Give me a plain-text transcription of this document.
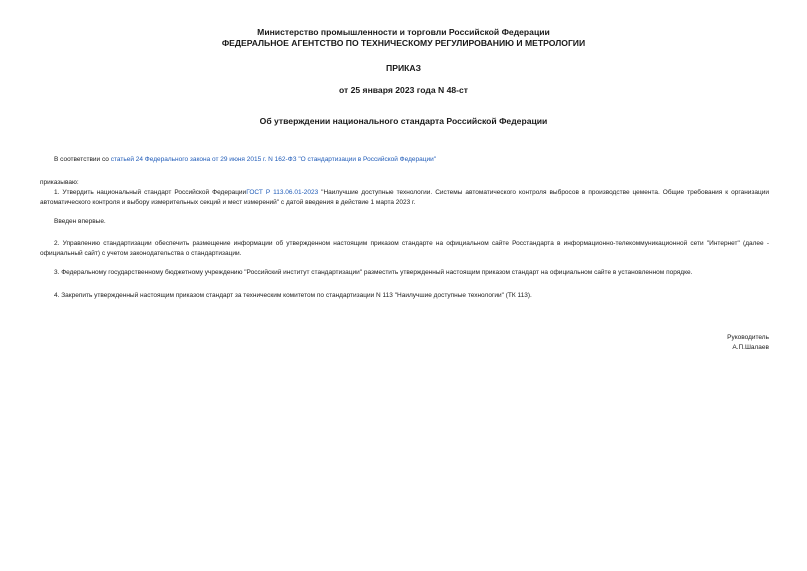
Министерство промышленности и торговли Российской Федерации
ФЕДЕРАЛЬНОЕ АГЕНТСТВО ПО ТЕХНИЧЕСКОМУ РЕГУЛИРОВАНИЮ И МЕТРОЛОГИИ
ПРИКАЗ
от 25 января 2023 года N 48-ст
Об утверждении национального стандарта Российской Федерации
В соответствии со статьей 24 Федерального закона от 29 июня 2015 г. N 162-ФЗ "О стандартизации в Российской Федерации"
приказываю:
1. Утвердить национальный стандарт Российской ФедерацииГОСТ Р 113.06.01-2023 "Наилучшие доступные технологии. Системы автоматического контроля выбросов в производстве цемента. Общие требования к организации автоматического контроля и выбору измерительных секций и мест измерений" с датой введения в действие 1 марта 2023 г.
Введен впервые.
2. Управлению стандартизации обеспечить размещение информации об утвержденном настоящим приказом стандарте на официальном сайте Росстандарта в информационно-телекоммуникационной сети "Интернет" (далее - официальный сайт) с учетом законодательства о стандартизации.
3. Федеральному государственному бюджетному учреждению "Российский институт стандартизации" разместить утвержденный настоящим приказом стандарт на официальном сайте в установленном порядке.
4. Закрепить утвержденный настоящим приказом стандарт за техническим комитетом по стандартизации N 113 "Наилучшие доступные технологии" (ТК 113).
Руководитель
А.П.Шалаев
